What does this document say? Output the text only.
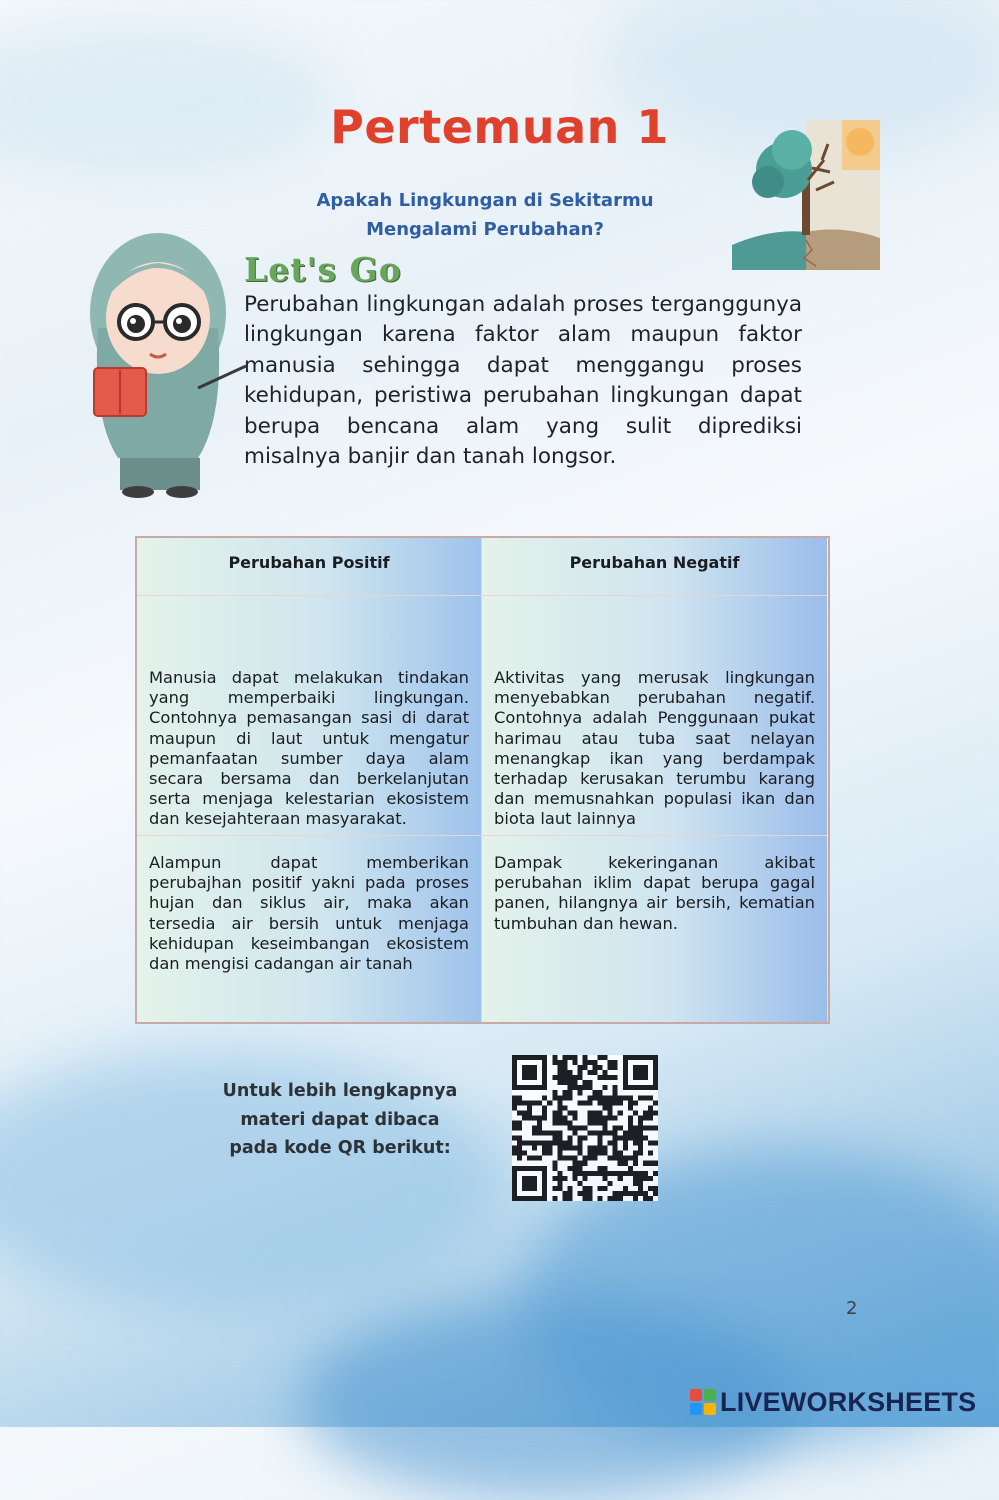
Pertemuan 1
Apakah Lingkungan di Sekitarmu
Mengalami Perubahan?
Let's Go
Perubahan lingkungan adalah proses terganggunya lingkungan karena faktor alam maupun faktor manusia sehingga dapat menggangu proses kehidupan, peristiwa perubahan lingkungan dapat berupa bencana alam yang sulit diprediksi misalnya banjir dan tanah longsor.
Perubahan Positif	Perubahan Negatif
Manusia dapat melakukan tindakan yang memperbaiki lingkungan. Contohnya pemasangan sasi di darat maupun di laut untuk mengatur pemanfaatan sumber daya alam secara bersama dan berkelanjutan serta menjaga kelestarian ekosistem dan kesejahteraan masyarakat.
Aktivitas yang merusak lingkungan menyebabkan perubahan negatif. Contohnya adalah Penggunaan pukat harimau atau tuba saat nelayan menangkap ikan yang berdampak terhadap kerusakan terumbu karang dan memusnahkan populasi ikan dan biota laut lainnya
Alampun dapat memberikan perubajhan positif yakni pada proses hujan dan siklus air, maka akan tersedia air bersih untuk menjaga kehidupan keseimbangan ekosistem dan mengisi cadangan air tanah
Dampak kekeringanan akibat perubahan iklim dapat berupa gagal panen, hilangnya air bersih, kematian tumbuhan dan hewan.
Untuk lebih lengkapnya
materi dapat dibaca
pada kode QR berikut:
2
LIVEWORKSHEETS
